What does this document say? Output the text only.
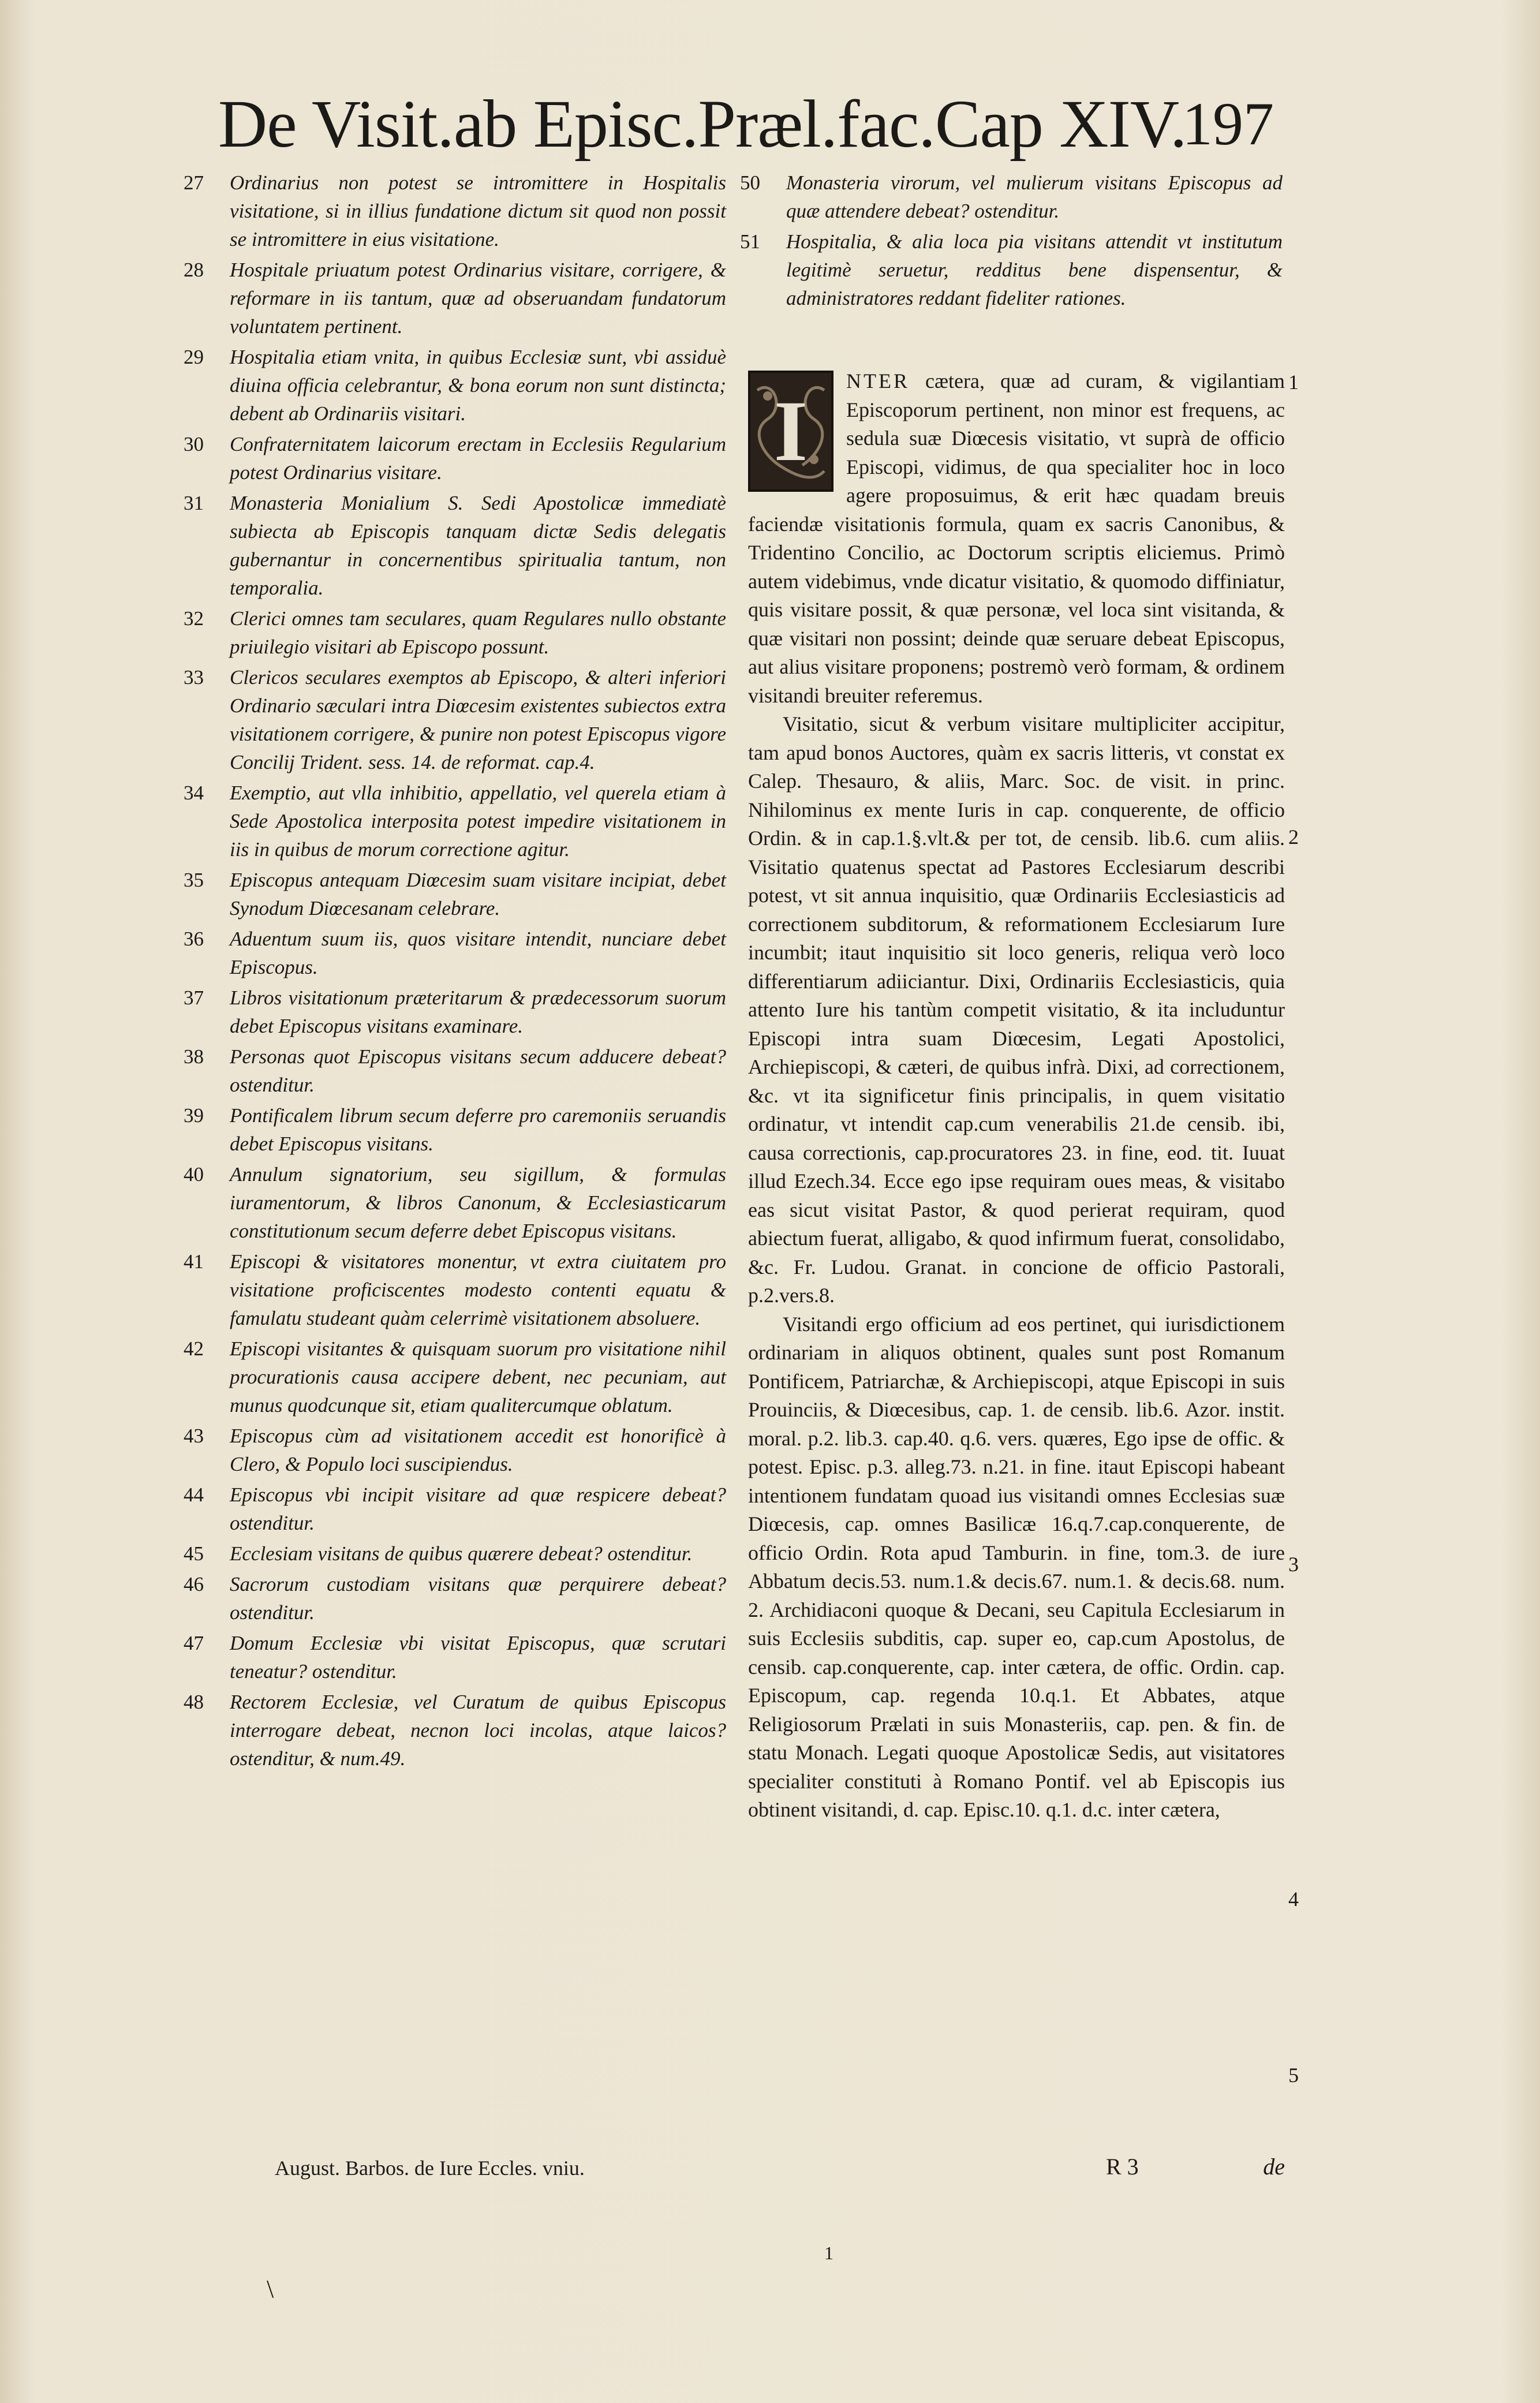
De Visit.ab Episc.Præl.fac.Cap XIV.
197
27	Ordinarius non potest se intromittere in Hospitalis visitatione, si in illius fundatione dictum sit quod non possit se intromittere in eius visitatione.
28	Hospitale priuatum potest Ordinarius visitare, corrigere, & reformare in iis tantum, quæ ad obseruandam fundatorum voluntatem pertinent.
29	Hospitalia etiam vnita, in quibus Ecclesiæ sunt, vbi assiduè diuina officia celebrantur, & bona eorum non sunt distincta; debent ab Ordinariis visitari.
30	Confraternitatem laicorum erectam in Ecclesiis Regularium potest Ordinarius visitare.
31	Monasteria Monialium S. Sedi Apostolicæ immediatè subiecta ab Episcopis tanquam dictæ Sedis delegatis gubernantur in concernentibus spiritualia tantum, non temporalia.
32	Clerici omnes tam seculares, quam Regulares nullo obstante priuilegio visitari ab Episcopo possunt.
33	Clericos seculares exemptos ab Episcopo, & alteri inferiori Ordinario sæculari intra Diœcesim existentes subiectos extra visitationem corrigere, & punire non potest Episcopus vigore Concilij Trident. sess. 14. de reformat. cap.4.
34	Exemptio, aut vlla inhibitio, appellatio, vel querela etiam à Sede Apostolica interposita potest impedire visitationem in iis in quibus de morum correctione agitur.
35	Episcopus antequam Diœcesim suam visitare incipiat, debet Synodum Diœcesanam celebrare.
36	Aduentum suum iis, quos visitare intendit, nunciare debet Episcopus.
37	Libros visitationum præteritarum & prædecessorum suorum debet Episcopus visitans examinare.
38	Personas quot Episcopus visitans secum adducere debeat? ostenditur.
39	Pontificalem librum secum deferre pro caremoniis seruandis debet Episcopus visitans.
40	Annulum signatorium, seu sigillum, & formulas iuramentorum, & libros Canonum, & Ecclesiasticarum constitutionum secum deferre debet Episcopus visitans.
41	Episcopi & visitatores monentur, vt extra ciuitatem pro visitatione proficiscentes modesto contenti equatu & famulatu studeant quàm celerrimè visitationem absoluere.
42	Episcopi visitantes & quisquam suorum pro visitatione nihil procurationis causa accipere debent, nec pecuniam, aut munus quodcunque sit, etiam qualitercumque oblatum.
43	Episcopus cùm ad visitationem accedit est honorificè à Clero, & Populo loci suscipiendus.
44	Episcopus vbi incipit visitare ad quæ respicere debeat? ostenditur.
45	Ecclesiam visitans de quibus quærere debeat? ostenditur.
46	Sacrorum custodiam visitans quæ perquirere debeat? ostenditur.
47	Domum Ecclesiæ vbi visitat Episcopus, quæ scrutari teneatur? ostenditur.
48	Rectorem Ecclesiæ, vel Curatum de quibus Episcopus interrogare debeat, necnon loci incolas, atque laicos? ostenditur, & num.49.
August. Barbos. de Iure Eccles. vniu.
50	Monasteria virorum, vel mulierum visitans Episcopus ad quæ attendere debeat? ostenditur.
51	Hospitalia, & alia loca pia visitans attendit vt institutum legitimè seruetur, redditus bene dispensentur, & administratores reddant fideliter rationes.

I
NTER cætera, quæ ad curam, & vigilantiam Episcoporum pertinent, non minor est frequens, ac sedula suæ Diœcesis visitatio, vt suprà de officio Episcopi, vidimus, de qua specialiter hoc in loco agere proposuimus, & erit hæc quadam breuis faciendæ visitationis formula, quam ex sacris Canonibus, & Tridentino Concilio, ac Doctorum scriptis eliciemus. Primò autem videbimus, vnde dicatur visitatio, & quomodo diffiniatur, quis visitare possit, & quæ personæ, vel loca sint visitanda, & quæ visitari non possint; deinde quæ seruare debeat Episcopus, aut alius visitare proponens; postremò verò formam, & ordinem visitandi breuiter referemus.

Visitatio, sicut & verbum visitare multipliciter accipitur, tam apud bonos Auctores, quàm ex sacris litteris, vt constat ex Calep. Thesauro, & aliis, Marc. Soc. de visit. in princ. Nihilominus ex mente Iuris in cap. conquerente, de officio Ordin. & in cap.1.§.vlt.& per tot, de censib. lib.6. cum aliis. Visitatio quatenus spectat ad Pastores Ecclesiarum describi potest, vt sit annua inquisitio, quæ Ordinariis Ecclesiasticis ad correctionem subditorum, & reformationem Ecclesiarum Iure incumbit; itaut inquisitio sit loco generis, reliqua verò loco differentiarum adiiciantur. Dixi, Ordinariis Ecclesiasticis, quia attento Iure his tantùm competit visitatio, & ita includuntur Episcopi intra suam Diœcesim, Legati Apostolici, Archiepiscopi, & cæteri, de quibus infrà. Dixi, ad correctionem, &c. vt ita significetur finis principalis, in quem visitatio ordinatur, vt intendit cap.cum venerabilis 21.de censib. ibi, causa correctionis, cap.procuratores 23. in fine, eod. tit. Iuuat illud Ezech.34. Ecce ego ipse requiram oues meas, & visitabo eas sicut visitat Pastor, & quod perierat requiram, quod abiectum fuerat, alligabo, & quod infirmum fuerat, consolidabo, &c. Fr. Ludou. Granat. in concione de officio Pastorali, p.2.vers.8.

Visitandi ergo officium ad eos pertinet, qui iurisdictionem ordinariam in aliquos obtinent, quales sunt post Romanum Pontificem, Patriarchæ, & Archiepiscopi, atque Episcopi in suis Prouinciis, & Diœcesibus, cap. 1. de censib. lib.6. Azor. instit. moral. p.2. lib.3. cap.40. q.6. vers. quæres, Ego ipse de offic. & potest. Episc. p.3. alleg.73. n.21. in fine. itaut Episcopi habeant intentionem fundatam quoad ius visitandi omnes Ecclesias suæ Diœcesis, cap. omnes Basilicæ 16.q.7.cap.conquerente, de officio Ordin. Rota apud Tamburin. in fine, tom.3. de iure Abbatum decis.53. num.1.& decis.67. num.1. & decis.68. num. 2. Archidiaconi quoque & Decani, seu Capitula Ecclesiarum in suis Ecclesiis subditis, cap. super eo, cap.cum Apostolus, de censib. cap.conquerente, cap. inter cætera, de offic. Ordin. cap. Episcopum, cap. regenda 10.q.1. Et Abbates, atque Religiosorum Prælati in suis Monasteriis, cap. pen. & fin. de statu Monach. Legati quoque Apostolicæ Sedis, aut visitatores specialiter constituti à Romano Pontif. vel ab Episcopis ius obtinent visitandi, d. cap. Episc.10. q.1. d.c. inter cætera,

1
2
3
4
5
R 3	de
1
\
